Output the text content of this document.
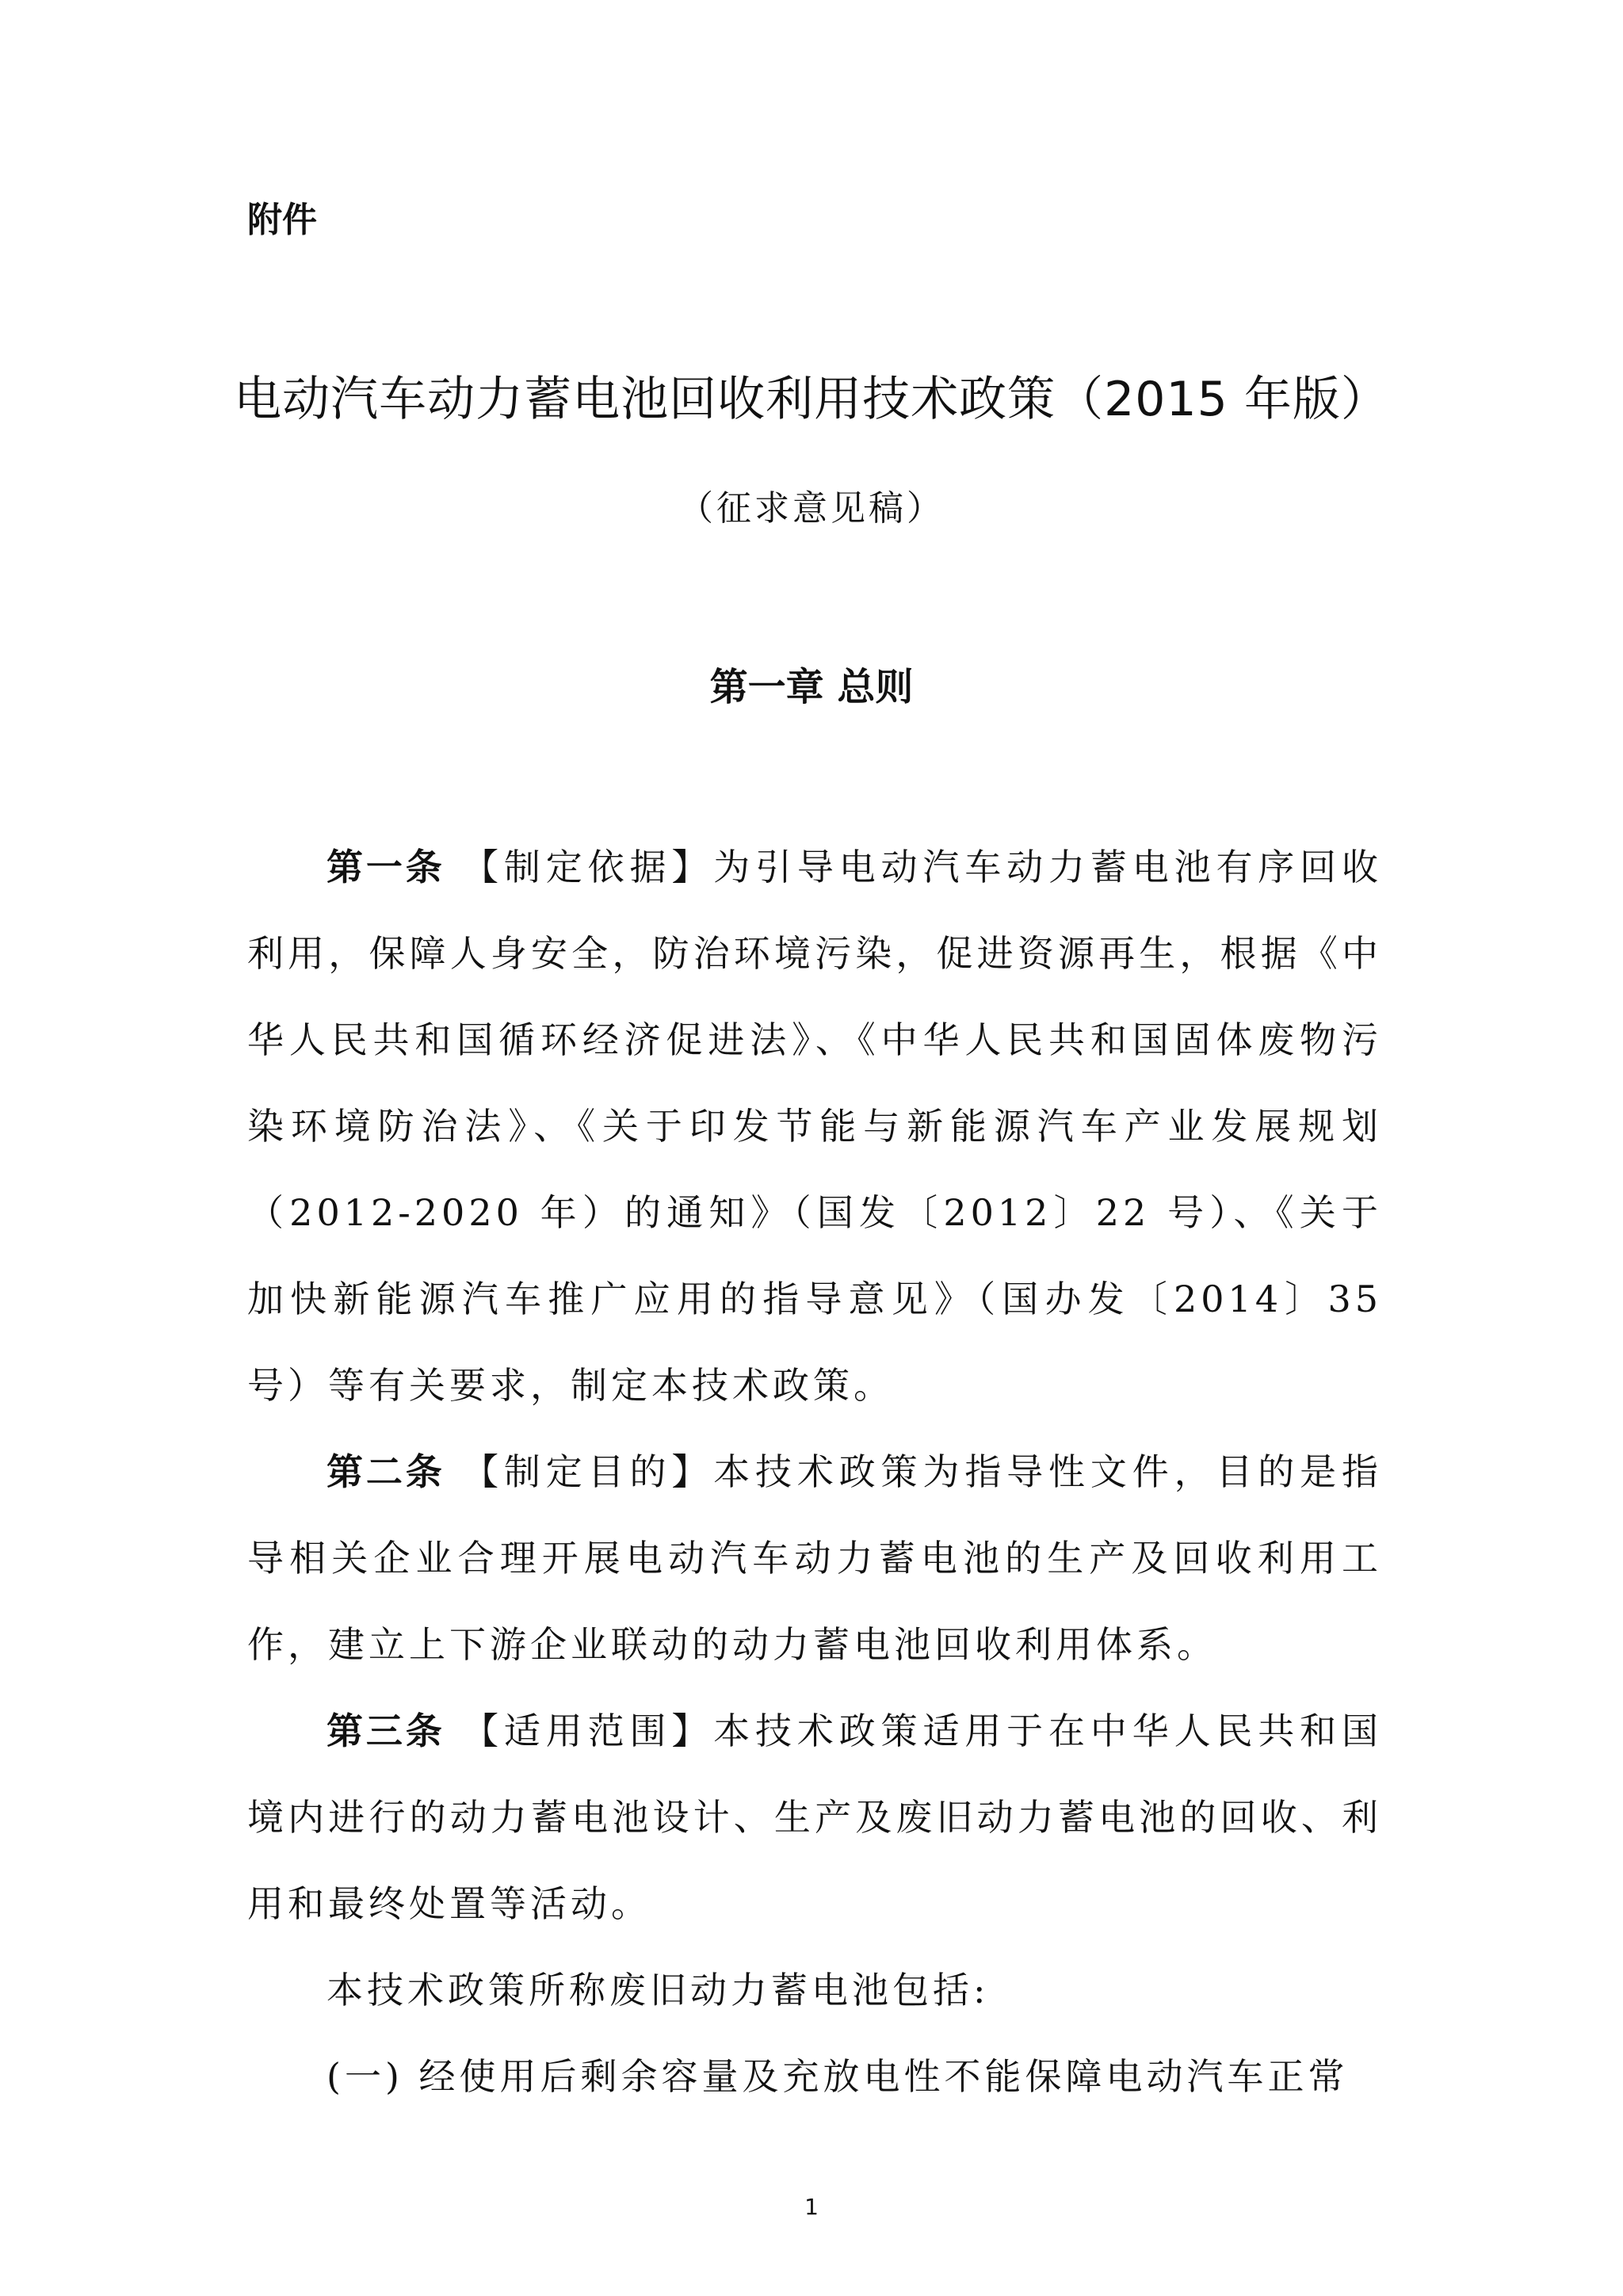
附件
电动汽车动力蓄电池回收利用技术政策（2015 年版）
（征求意见稿）
第一章 总则

第一条 【制定依据】为引导电动汽车动力蓄电池有序回收利用，保障人身安全，防治环境污染，促进资源再生，根据《中华人民共和国循环经济促进法》、《中华人民共和国固体废物污染环境防治法》、《关于印发节能与新能源汽车产业发展规划（2012-2020 年）的通知》（国发〔2012〕22 号）、《关于加快新能源汽车推广应用的指导意见》（国办发〔2014〕35 号）等有关要求，制定本技术政策。

第二条 【制定目的】本技术政策为指导性文件，目的是指导相关企业合理开展电动汽车动力蓄电池的生产及回收利用工作，建立上下游企业联动的动力蓄电池回收利用体系。

第三条 【适用范围】本技术政策适用于在中华人民共和国境内进行的动力蓄电池设计、生产及废旧动力蓄电池的回收、利用和最终处置等活动。

本技术政策所称废旧动力蓄电池包括:

(一) 经使用后剩余容量及充放电性不能保障电动汽车正常

1
